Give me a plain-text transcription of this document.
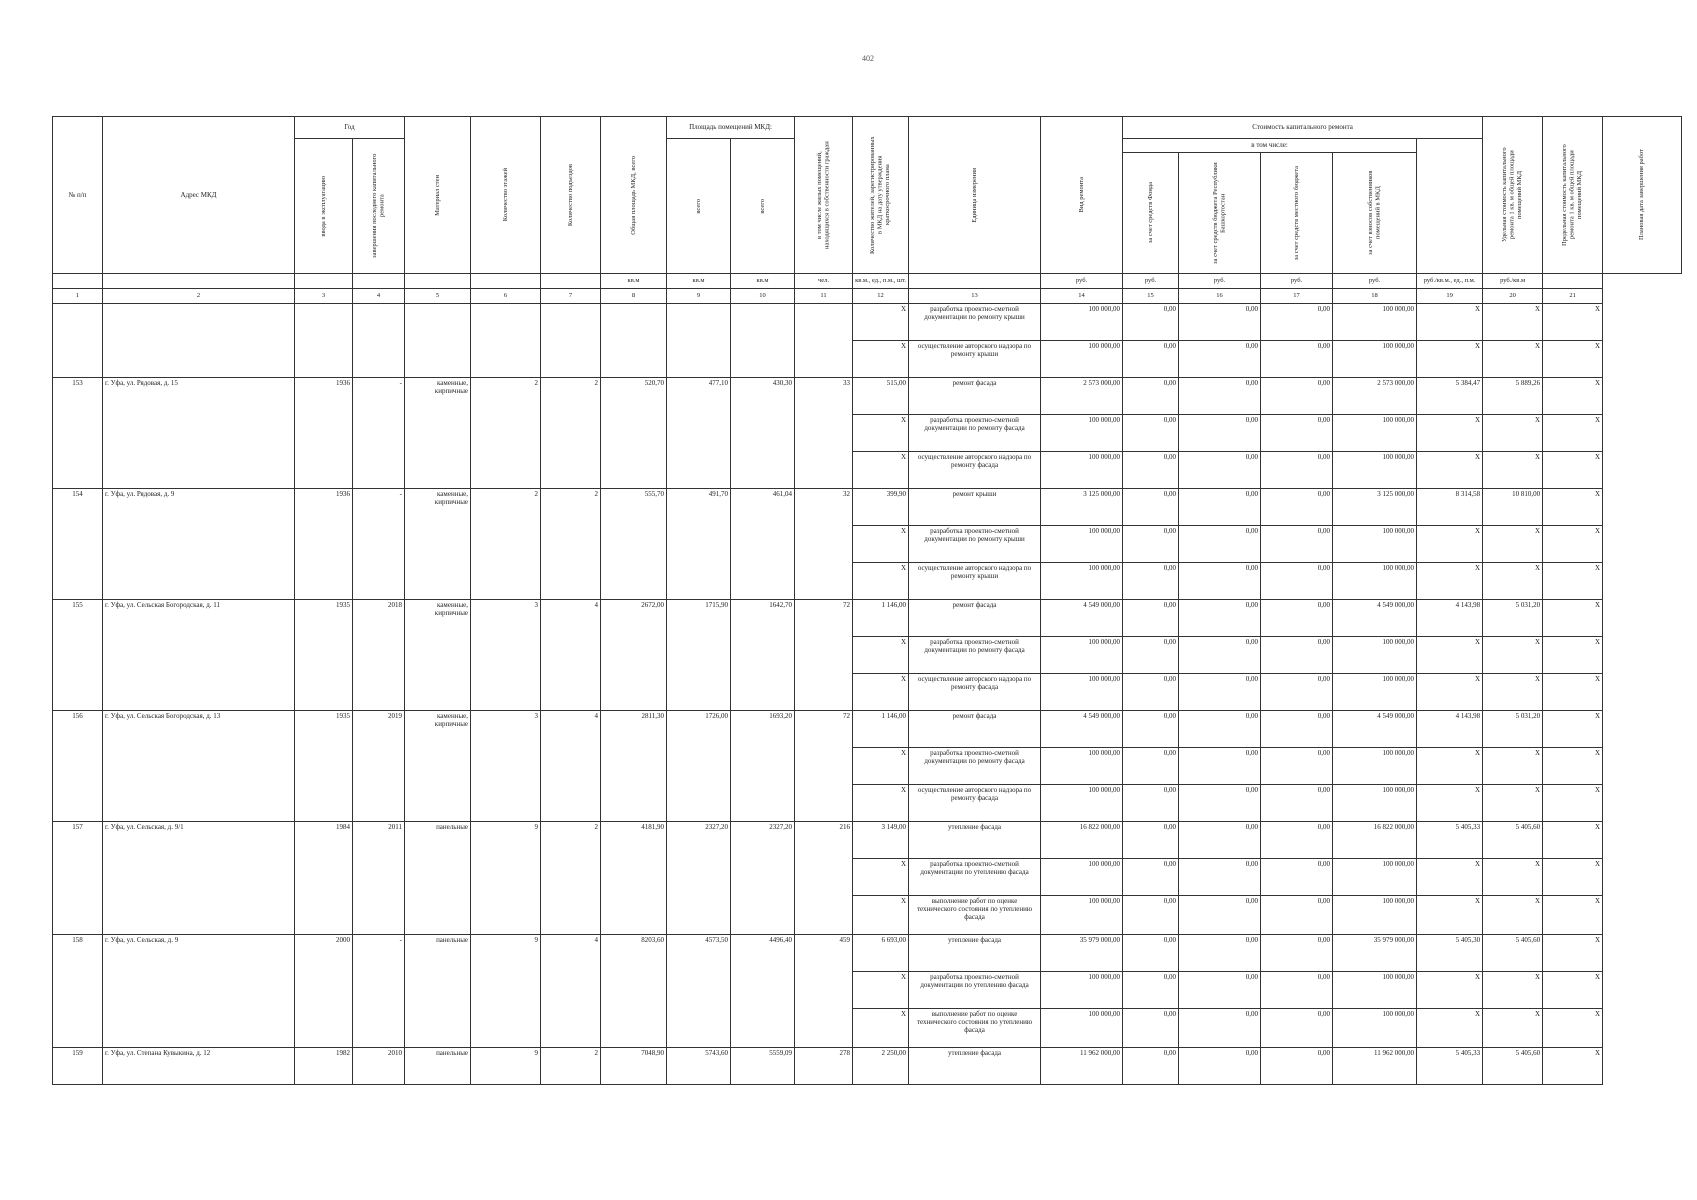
402
№ п/п	Адрес МКД	Год		Материал стен	Количество этажей	Количество подъездов	Общая площадь МКД, всего	Площадь помещений МКД:		в том числе жилых помещений, находящихся в собственности граждан	Количество жителей, зарегистрированных в МКД на дату утверждения краткосрочного плана	Единица измерения	Вид ремонта	Стоимость капитального ремонта					Удельная стоимость капитального ремонта 1 кв. м общей площади помещений МКД	Предельная стоимость капитального ремонта 1 кв. м общей площади помещений МКД	Плановая дата завершения работ

		ввода в эксплуатацию	завершения последнего капитального ремонта					всего	всего					в том числе:							

														за счет средств Фонда	за счет средств бюджета Республики Башкортостан	за счет средств местного бюджета	за счет взносов собственников помещений в МКД				

							кв.м	кв.м	кв.м	чел.	кв.м., ед., п.м., шт.		руб.	руб.	руб.	руб.	руб.	руб./кв.м., ед., п.м.	руб./кв.м		
1	2	3	4	5	6	7	8	9	10	11	12	13	14	15	16	17	18	19	20	21	
											X	разработка проектно-сметной документации по ремонту крыши	100 000,00	0,00	0,00	0,00	100 000,00	X	X	X	
											X	осуществление авторского надзора по ремонту крыши	100 000,00	0,00	0,00	0,00	100 000,00	X	X	X	
153	г. Уфа, ул. Рядовая, д. 15	1936	-	каменные, кирпичные	2	2	520,70	477,10	430,30	33	515,00	ремонт фасада	2 573 000,00	0,00	0,00	0,00	2 573 000,00	5 384,47	5 889,26	X	
											X	разработка проектно-сметной документации по ремонту фасада	100 000,00	0,00	0,00	0,00	100 000,00	X	X	X	
											X	осуществление авторского надзора по ремонту фасада	100 000,00	0,00	0,00	0,00	100 000,00	X	X	X	
154	г. Уфа, ул. Рядовая, д. 9	1936	-	каменные, кирпичные	2	2	555,70	491,70	461,04	32	399,90	ремонт крыши	3 125 000,00	0,00	0,00	0,00	3 125 000,00	8 314,58	10 810,00	X	
											X	разработка проектно-сметной документации по ремонту крыши	100 000,00	0,00	0,00	0,00	100 000,00	X	X	X	
											X	осуществление авторского надзора по ремонту крыши	100 000,00	0,00	0,00	0,00	100 000,00	X	X	X	
155	г. Уфа, ул. Сельская Богородская, д. 11	1935	2018	каменные, кирпичные	3	4	2672,00	1715,90	1642,70	72	1 146,00	ремонт фасада	4 549 000,00	0,00	0,00	0,00	4 549 000,00	4 143,98	5 031,20	X	
											X	разработка проектно-сметной документации по ремонту фасада	100 000,00	0,00	0,00	0,00	100 000,00	X	X	X	
											X	осуществление авторского надзора по ремонту фасада	100 000,00	0,00	0,00	0,00	100 000,00	X	X	X	
156	г. Уфа, ул. Сельская Богородская, д. 13	1935	2019	каменные, кирпичные	3	4	2811,30	1726,00	1693,20	72	1 146,00	ремонт фасада	4 549 000,00	0,00	0,00	0,00	4 549 000,00	4 143,98	5 031,20	X	
											X	разработка проектно-сметной документации по ремонту фасада	100 000,00	0,00	0,00	0,00	100 000,00	X	X	X	
											X	осуществление авторского надзора по ремонту фасада	100 000,00	0,00	0,00	0,00	100 000,00	X	X	X	
157	г. Уфа, ул. Сельская, д. 9/1	1984	2011	панельные	9	2	4181,90	2327,20	2327,20	216	3 149,00	утепление фасада	16 822 000,00	0,00	0,00	0,00	16 822 000,00	5 405,33	5 405,60	X	
											X	разработка проектно-сметной документации по утеплению фасада	100 000,00	0,00	0,00	0,00	100 000,00	X	X	X	
											X	выполнение работ по оценке технического состояния по утеплению фасада	100 000,00	0,00	0,00	0,00	100 000,00	X	X	X	
158	г. Уфа, ул. Сельская, д. 9	2000	-	панельные	9	4	8203,60	4573,50	4496,40	459	6 693,00	утепление фасада	35 979 000,00	0,00	0,00	0,00	35 979 000,00	5 405,30	5 405,60	X	
											X	разработка проектно-сметной документации по утеплению фасада	100 000,00	0,00	0,00	0,00	100 000,00	X	X	X	
											X	выполнение работ по оценке технического состояния по утеплению фасада	100 000,00	0,00	0,00	0,00	100 000,00	X	X	X	
159	г. Уфа, ул. Степана Кувыкина, д. 12	1982	2010	панельные	9	2	7048,90	5743,60	5559,09	278	2 250,00	утепление фасада	11 962 000,00	0,00	0,00	0,00	11 962 000,00	5 405,33	5 405,60	X	
